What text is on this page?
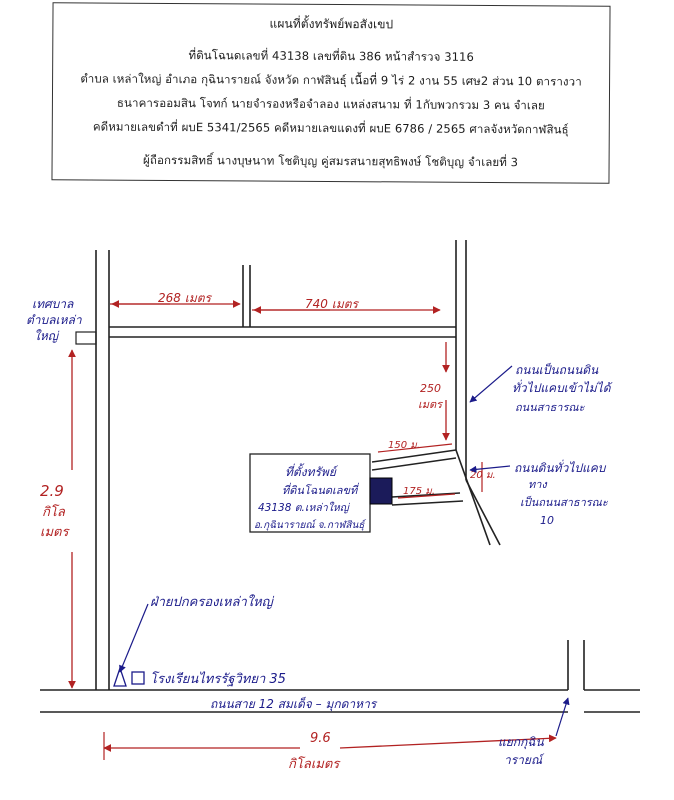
แผนที่ตั้งทรัพย์พอสังเขป
ที่ดินโฉนดเลขที่ 43138 เลขที่ดิน 386 หน้าสำรวจ 3116
ตำบล เหล่าใหญ่ อำเภอ กุฉินารายณ์ จังหวัด กาฬสินธุ์ เนื้อที่ 9 ไร่ 2 งาน 55 เศษ2 ส่วน 10 ตารางวา
ธนาคารออมสิน โจทก์ นายจำรองหรือจำลอง แหล่งสนาม ที่ 1กับพวกรวม 3 คน จำเลย
คดีหมายเลขดำที่ ผบE 5341/2565 คดีหมายเลขแดงที่ ผบE 6786 / 2565 ศาลจังหวัดกาฬสินธุ์
ผู้ถือกรรมสิทธิ์ นางบุษนาท โชติบุญ คู่สมรสนายสุทธิพงษ์ โชติบุญ จำเลยที่ 3
เทศบาล
ตำบลเหล่า
ใหญ่
268 เมตร	740 เมตร
250
เมตร
150 ม.
175 ม.
20 ม.
ที่ตั้งทรัพย์
ที่ดินโฉนดเลขที่
43138 ต.เหล่าใหญ่
อ.กุฉินารายณ์ จ.กาฬสินธุ์
ถนนเป็นถนนดิน
ทั่วไปแคบเข้าไม่ได้
ถนนสาธารณะ
ถนนดินทั่วไปแคบ
ทาง
เป็นถนนสาธารณะ
10
2.9
กิโล
เมตร
ฝ่ายปกครองเหล่าใหญ่
โรงเรียนไทรรัฐวิทยา 35
ถนนสาย 12 สมเด็จ – มุกดาหาร
9.6
กิโลเมตร
แยกกุฉิน
ารายณ์
